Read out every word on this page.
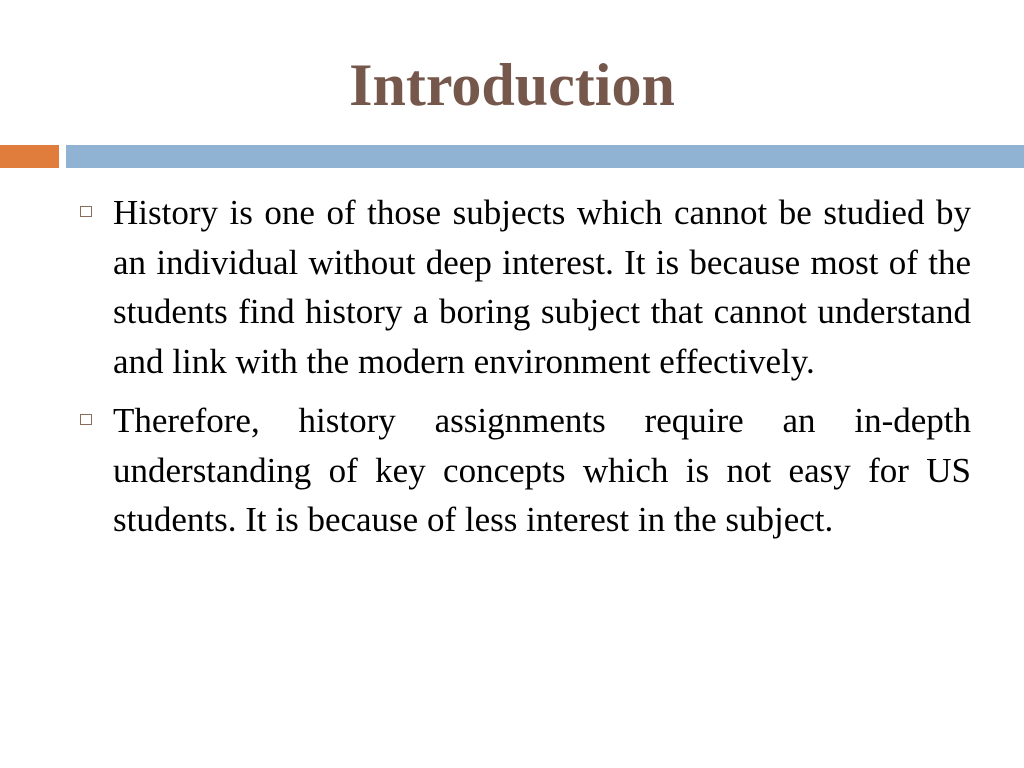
Introduction

History is one of those subjects which cannot be studied by an individual without deep interest. It is because most of the students find history a boring subject that cannot understand and link with the modern environment effectively.

Therefore, history assignments require an in-depth understanding of key concepts which is not easy for US students. It is because of less interest in the subject.
